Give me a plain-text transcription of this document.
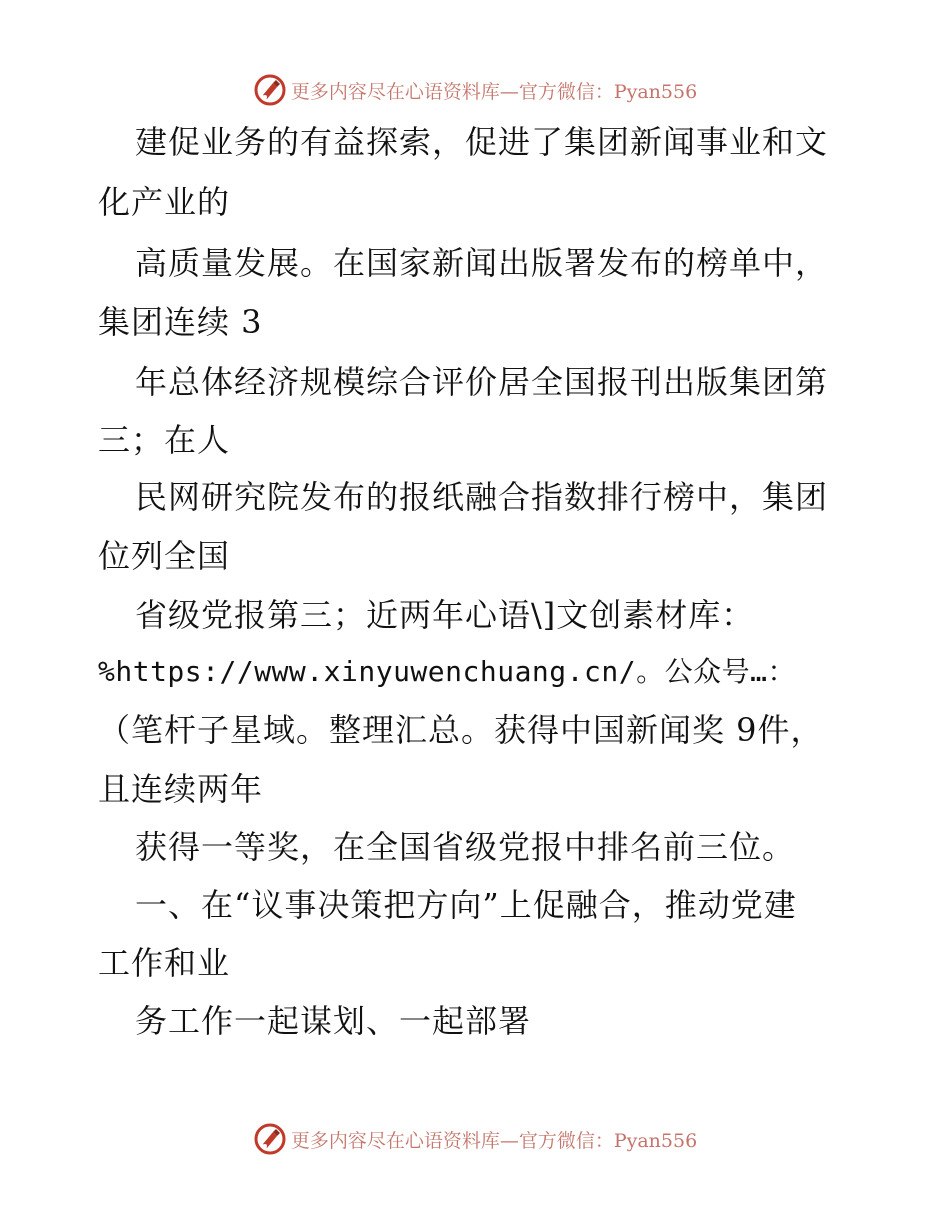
更多内容尽在心语资料库—官方微信：Pyan556
建促业务的有益探索，促进了集团新闻事业和文
化产业的
高质量发展。在国家新闻出版署发布的榜单中，
集团连续 3
年总体经济规模综合评价居全国报刊出版集团第
三；在人
民网研究院发布的报纸融合指数排行榜中，集团
位列全国
省级党报第三；近两年心语\]文创素材库：
%https://www.xinyuwenchuang.cn/。公众号…：
（笔杆子星域。整理汇总。获得中国新闻奖 9件，
且连续两年
获得一等奖，在全国省级党报中排名前三位。
一、在“议事决策把方向”上促融合，推动党建
工作和业
务工作一起谋划、一起部署
更多内容尽在心语资料库—官方微信：Pyan556
